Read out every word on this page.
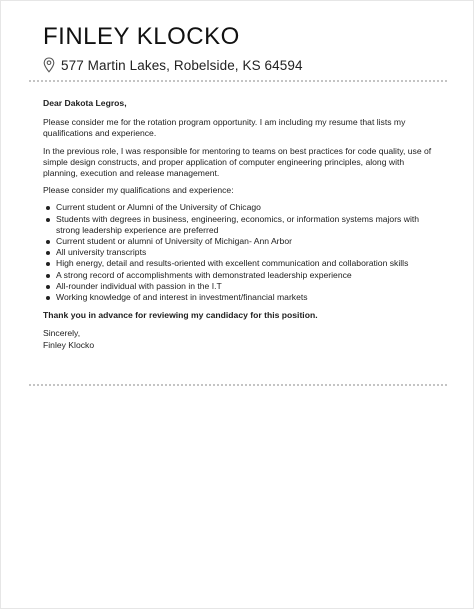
FINLEY KLOCKO
577 Martin Lakes, Robelside, KS 64594

Dear Dakota Legros,

Please consider me for the rotation program opportunity. I am including my resume that lists my qualifications and experience.

In the previous role, I was responsible for mentoring to teams on best practices for code quality, use of simple design constructs, and proper application of computer engineering principles, along with planning, execution and release management.

Please consider my qualifications and experience:

Current student or Alumni of the University of Chicago
Students with degrees in business, engineering, economics, or information systems majors with strong leadership experience are preferred
Current student or alumni of University of Michigan- Ann Arbor
All university transcripts
High energy, detail and results-oriented with excellent communication and collaboration skills
A strong record of accomplishments with demonstrated leadership experience
All-rounder individual with passion in the I.T
Working knowledge of and interest in investment/financial markets

Thank you in advance for reviewing my candidacy for this position.

Sincerely,

Finley Klocko
